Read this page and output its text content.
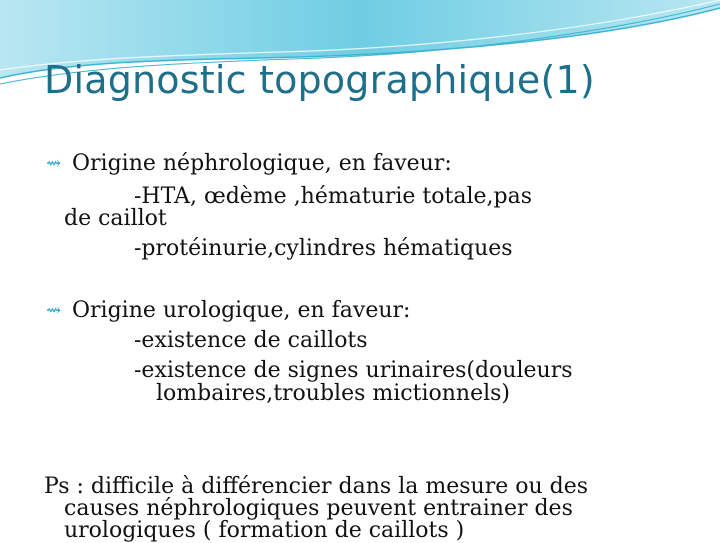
Diagnostic topographique(1)
⇝ Origine néphrologique, en faveur:
-HTA, œdème ,hématurie totale,pas
de caillot
-protéinurie,cylindres hématiques
⇝ Origine urologique, en faveur:
-existence de caillots
-existence de signes urinaires(douleurs
lombaires,troubles mictionnels)
Ps : difficile à différencier dans la mesure ou des
causes néphrologiques peuvent entrainer des
urologiques ( formation de caillots )
